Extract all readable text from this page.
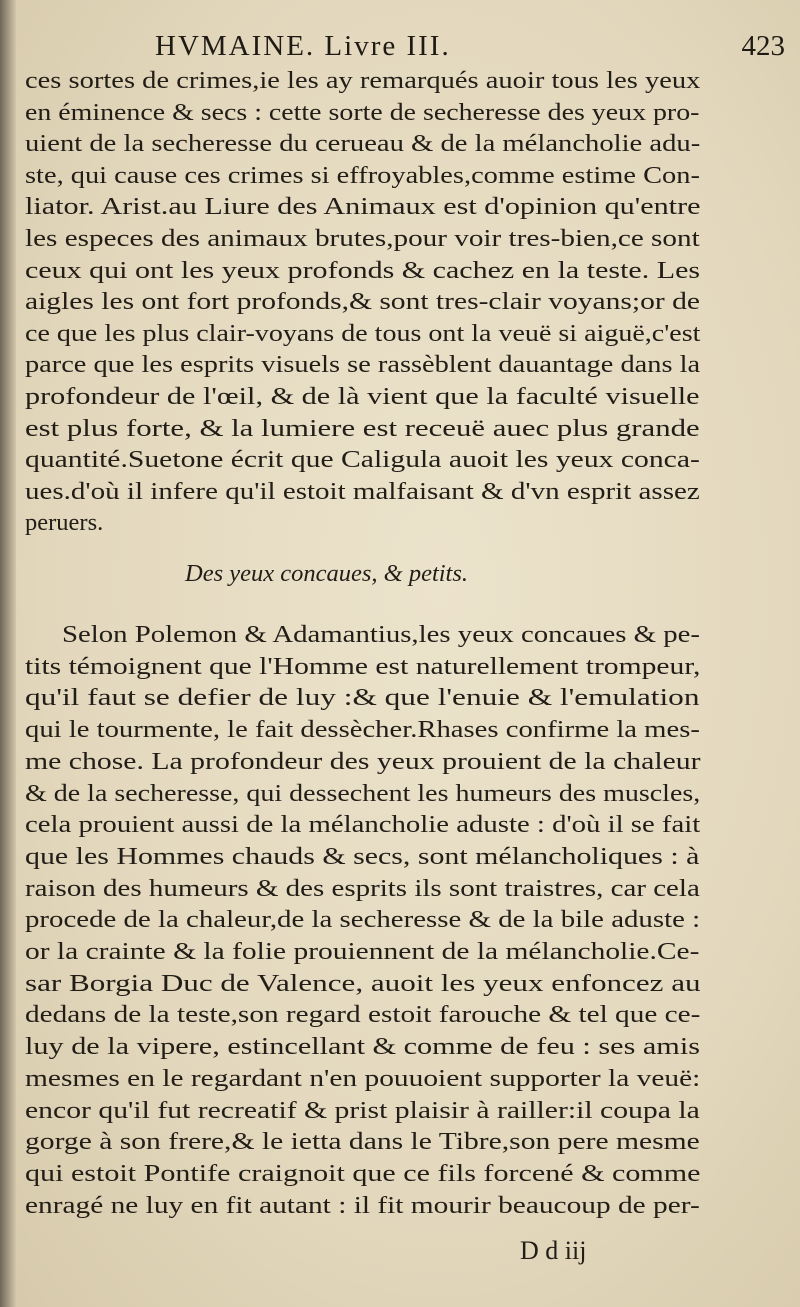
HVMAINE. Livre III.	423

ces sortes de crimes,ie les ay remarqués auoir tous les yeux

en éminence & secs : cette sorte de secheresse des yeux pro-

uient de la secheresse du cerueau & de la mélancholie adu-

ste, qui cause ces crimes si effroyables,comme estime Con-

liator. Arist.au Liure des Animaux est d'opinion qu'entre

les especes des animaux brutes,pour voir tres-bien,ce sont

ceux qui ont les yeux profonds & cachez en la teste. Les

aigles les ont fort profonds,& sont tres-clair voyans;or de

ce que les plus clair-voyans de tous ont la veuë si aiguë,c'est

parce que les esprits visuels se rassèblent dauantage dans la

profondeur de l'œil, & de là vient que la faculté visuelle

est plus forte, & la lumiere est receuë auec plus grande

quantité.Suetone écrit que Caligula auoit les yeux conca-

ues.d'où il infere qu'il estoit malfaisant & d'vn esprit assez

peruers.

Des yeux concaues, & petits.

Selon Polemon & Adamantius,les yeux concaues & pe-

tits témoignent que l'Homme est naturellement trompeur,

qu'il faut se defier de luy :& que l'enuie & l'emulation

qui le tourmente, le fait dessècher.Rhases confirme la mes-

me chose. La profondeur des yeux prouient de la chaleur

& de la secheresse, qui dessechent les humeurs des muscles,

cela prouient aussi de la mélancholie aduste : d'où il se fait

que les Hommes chauds & secs, sont mélancholiques : à

raison des humeurs & des esprits ils sont traistres, car cela

procede de la chaleur,de la secheresse & de la bile aduste :

or la crainte & la folie prouiennent de la mélancholie.Ce-

sar Borgia Duc de Valence, auoit les yeux enfoncez au

dedans de la teste,son regard estoit farouche & tel que ce-

luy de la vipere, estincellant & comme de feu : ses amis

mesmes en le regardant n'en pouuoient supporter la veuë:

encor qu'il fut recreatif & prist plaisir à railler:il coupa la

gorge à son frere,& le ietta dans le Tibre,son pere mesme

qui estoit Pontife craignoit que ce fils forcené & comme

enragé ne luy en fit autant : il fit mourir beaucoup de per-

D d iij
